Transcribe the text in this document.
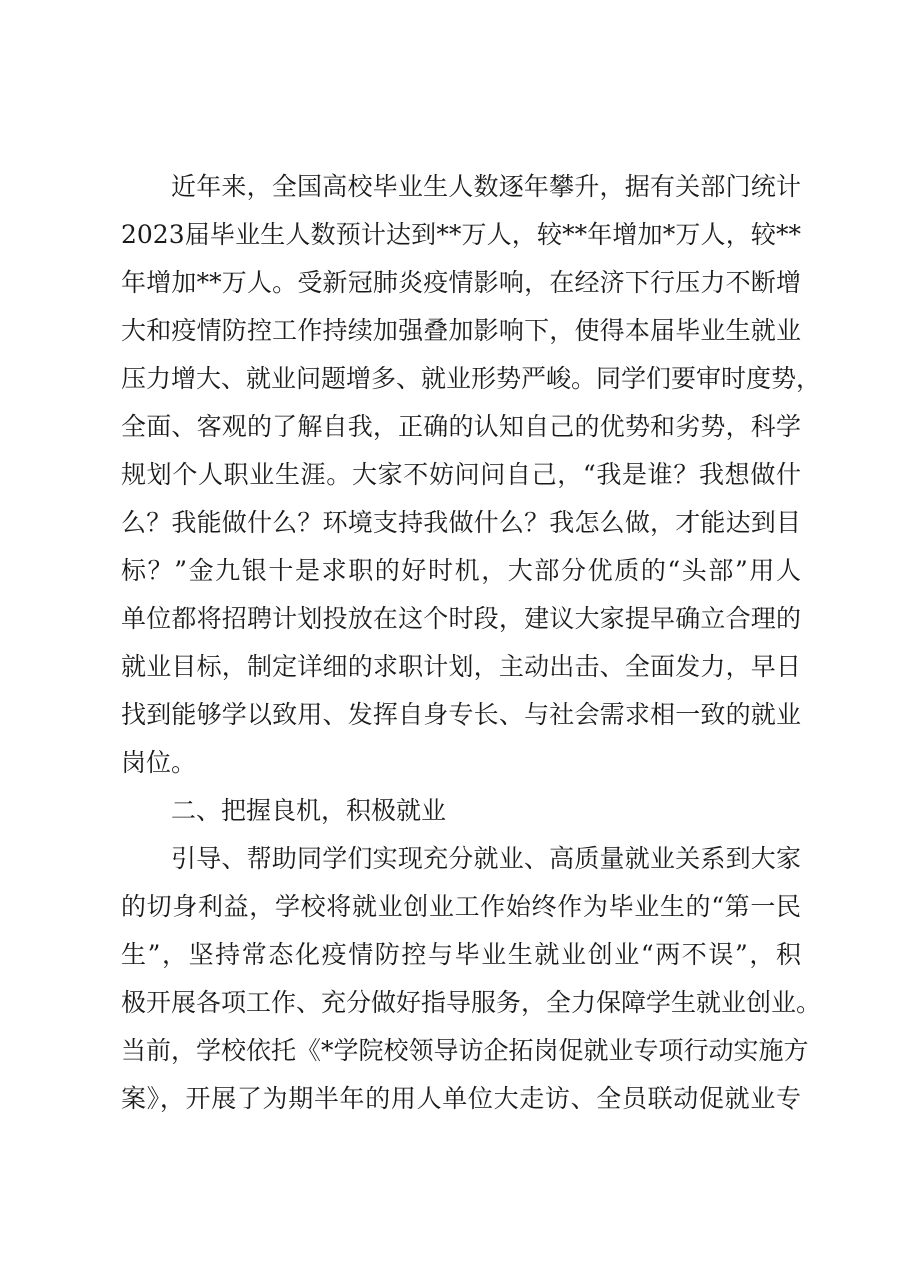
近年来，全国高校毕业生人数逐年攀升，据有关部门统计
2023届毕业生人数预计达到**万人，较**年增加*万人，较**
年增加**万人。受新冠肺炎疫情影响，在经济下行压力不断增
大和疫情防控工作持续加强叠加影响下，使得本届毕业生就业
压力增大、就业问题增多、就业形势严峻。同学们要审时度势，
全面、客观的了解自我，正确的认知自己的优势和劣势，科学
规划个人职业生涯。大家不妨问问自己，“我是谁？我想做什
么？我能做什么？环境支持我做什么？我怎么做，才能达到目
标？”金九银十是求职的好时机，大部分优质的“头部”用人
单位都将招聘计划投放在这个时段，建议大家提早确立合理的
就业目标，制定详细的求职计划，主动出击、全面发力，早日
找到能够学以致用、发挥自身专长、与社会需求相一致的就业
岗位。
二、把握良机，积极就业
引导、帮助同学们实现充分就业、高质量就业关系到大家
的切身利益，学校将就业创业工作始终作为毕业生的“第一民
生”，坚持常态化疫情防控与毕业生就业创业“两不误”，积
极开展各项工作、充分做好指导服务，全力保障学生就业创业。
当前，学校依托《*学院校领导访企拓岗促就业专项行动实施方
案》，开展了为期半年的用人单位大走访、全员联动促就业专
